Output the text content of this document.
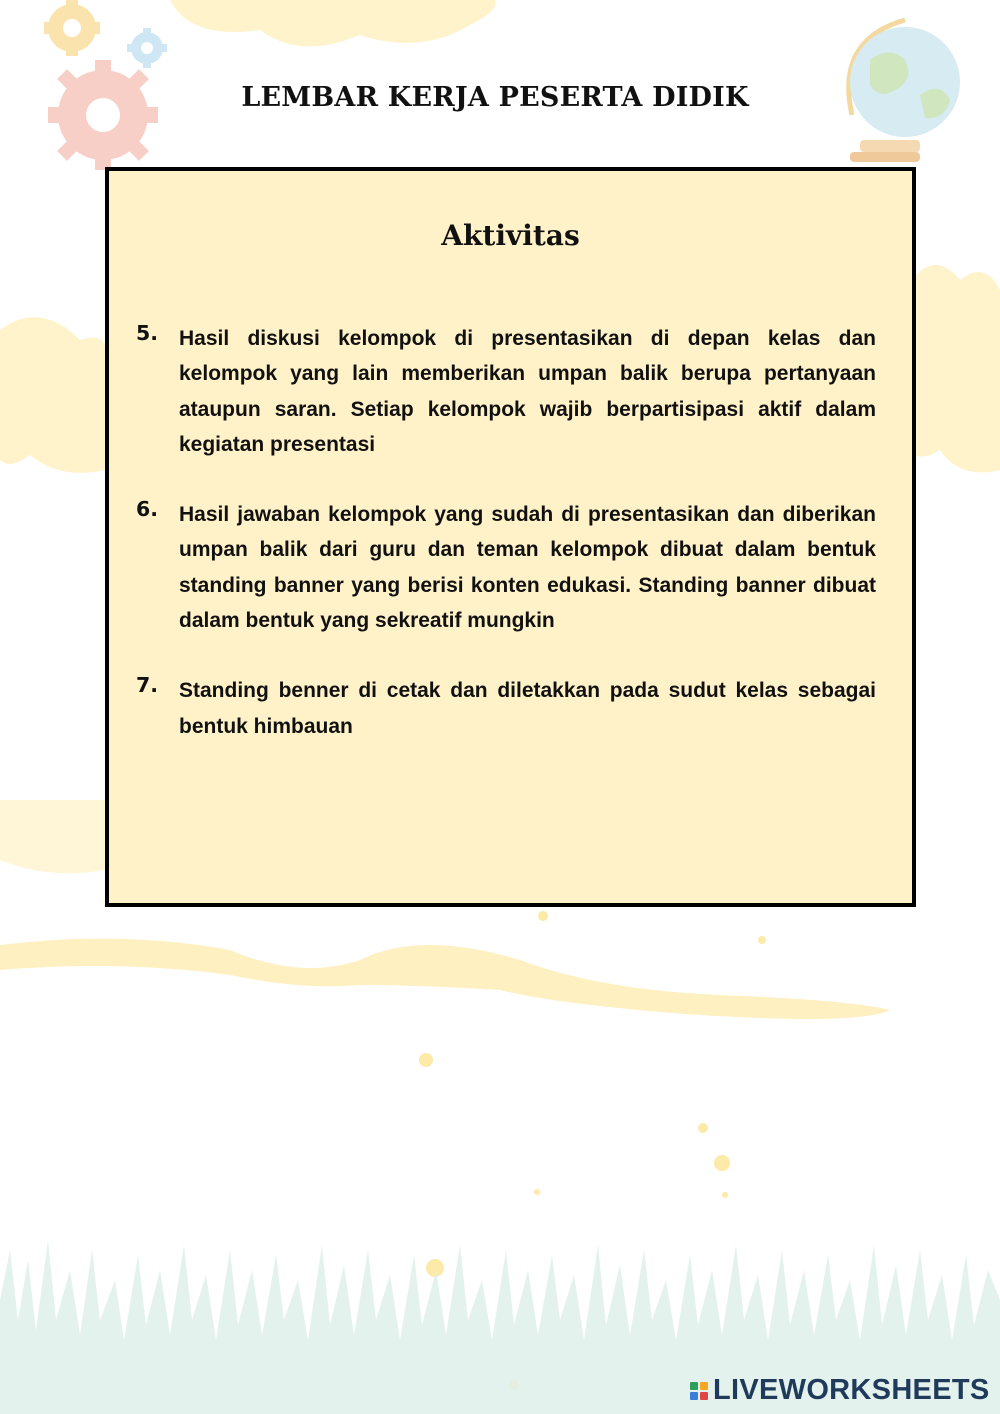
LEMBAR KERJA PESERTA DIDIK
Aktivitas
5. Hasil diskusi kelompok di presentasikan di depan kelas dan kelompok yang lain memberikan umpan balik berupa pertanyaan ataupun saran. Setiap kelompok wajib berpartisipasi aktif dalam kegiatan presentasi
6. Hasil jawaban kelompok yang sudah di presentasikan dan diberikan umpan balik dari guru dan teman kelompok dibuat dalam bentuk standing banner yang berisi konten edukasi. Standing banner dibuat dalam bentuk yang sekreatif mungkin
7. Standing benner di cetak dan diletakkan pada sudut kelas sebagai bentuk himbauan
LIVEWORKSHEETS
